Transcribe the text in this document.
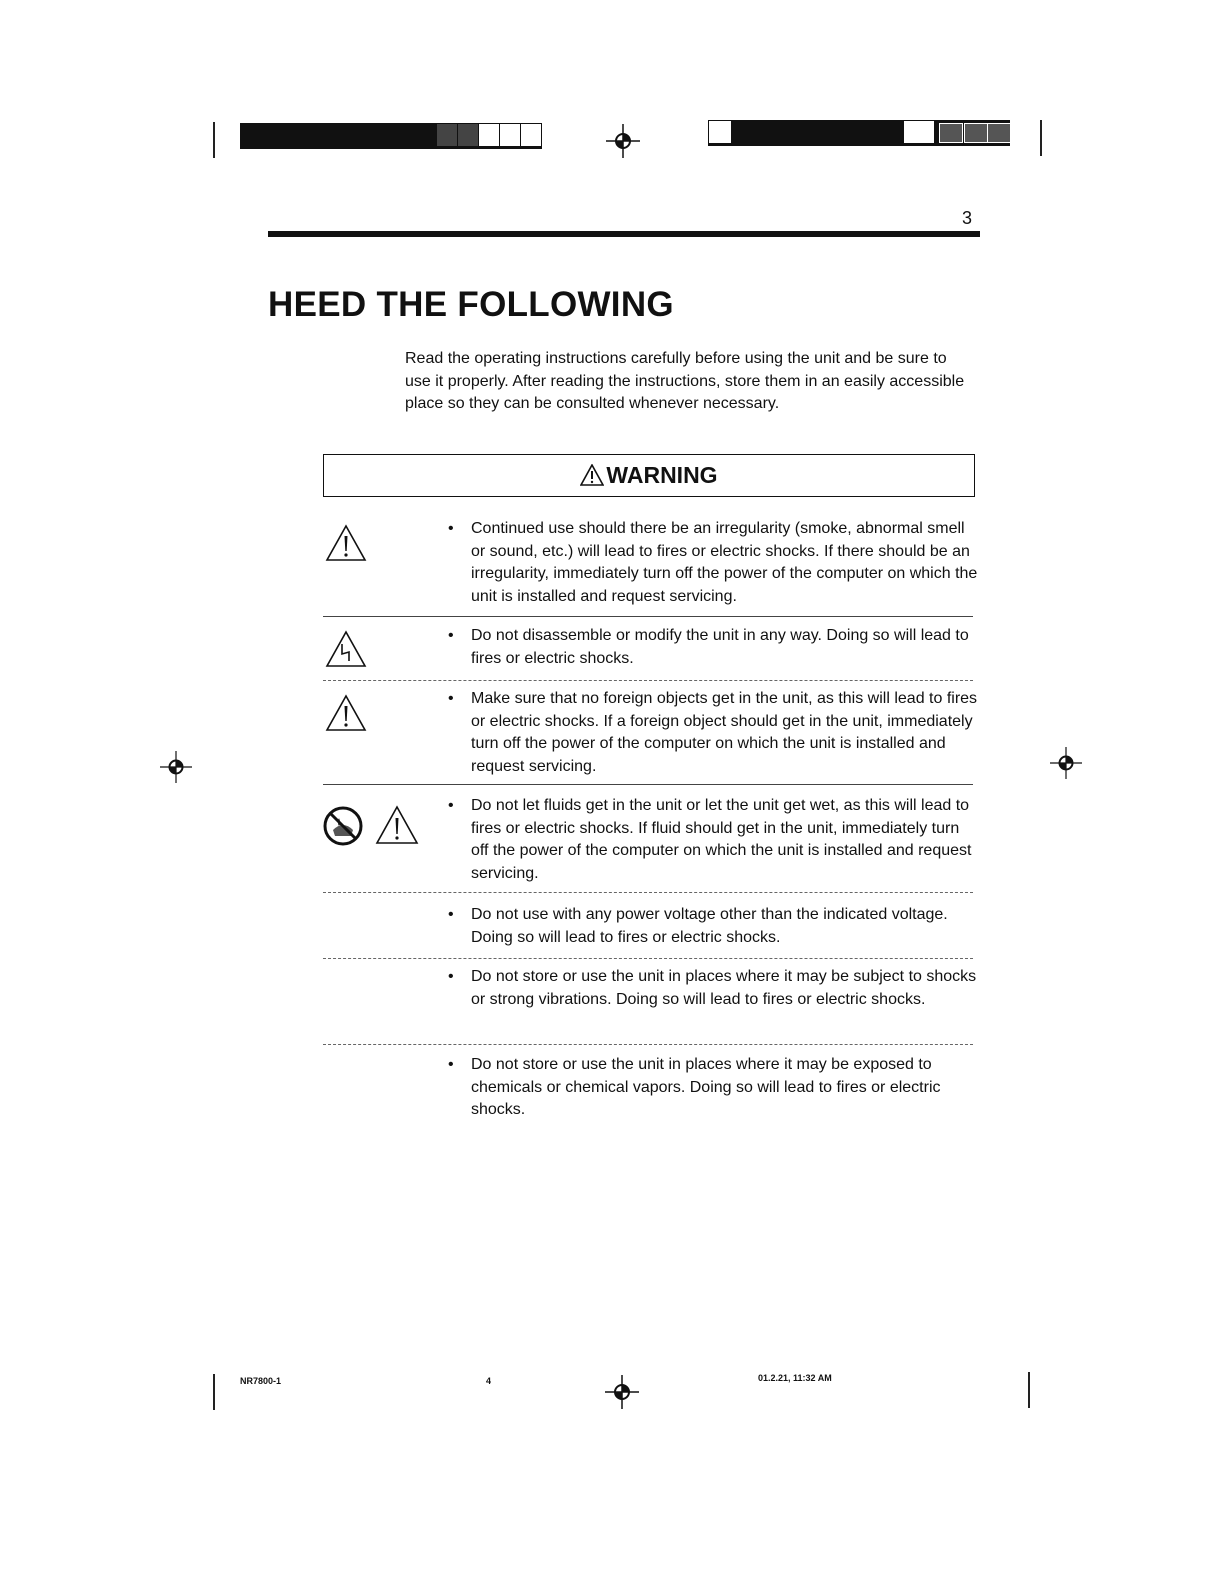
3
HEED THE FOLLOWING

Read the operating instructions carefully before using the unit and be sure to use it properly. After reading the instructions, store them in an easily accessible place so they can be consulted whenever necessary.

WARNING
• Continued use should there be an irregularity (smoke, abnormal smell or sound, etc.) will lead to fires or electric shocks. If there should be an irregularity, immediately turn off the power of the computer on which the unit is installed and request servicing.
• Do not disassemble or modify the unit in any way. Doing so will lead to fires or electric shocks.
• Make sure that no foreign objects get in the unit, as this will lead to fires or electric shocks. If a foreign object should get in the unit, immediately turn off the power of the computer on which the unit is installed and request servicing.
• Do not let fluids get in the unit or let the unit get wet, as this will lead to fires or electric shocks. If fluid should get in the unit, immediately turn off the power of the computer on which the unit is installed and request servicing.
• Do not use with any power voltage other than the indicated voltage. Doing so will lead to fires or electric shocks.
• Do not store or use the unit in places where it may be subject to shocks or strong vibrations. Doing so will lead to fires or electric shocks.
• Do not store or use the unit in places where it may be exposed to chemicals or chemical vapors. Doing so will lead to fires or electric shocks.
NR7800-1	4	01.2.21, 11:32 AM
